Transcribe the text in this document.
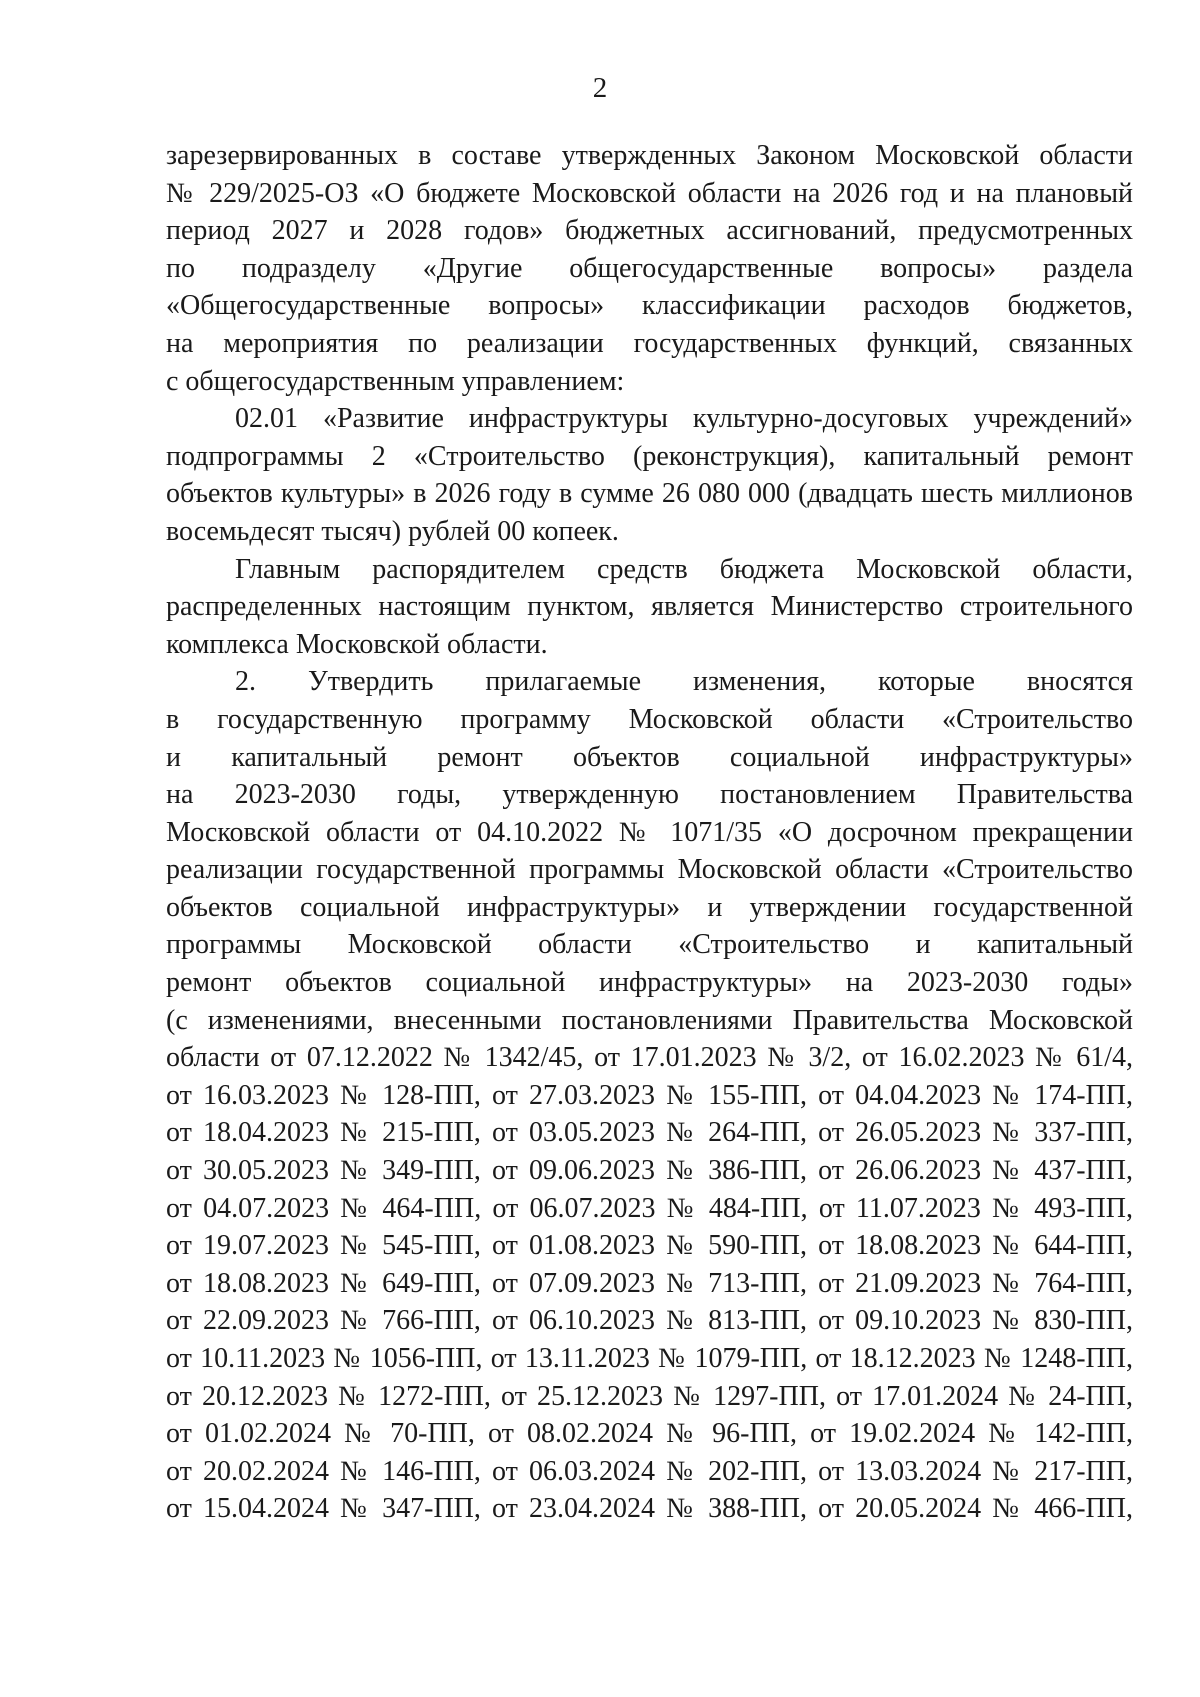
2
зарезервированных в составе утвержденных Законом Московской области
№ 229/2025-ОЗ «О бюджете Московской области на 2026 год и на плановый
период 2027 и 2028 годов» бюджетных ассигнований, предусмотренных
по подразделу «Другие общегосударственные вопросы» раздела
«Общегосударственные вопросы» классификации расходов бюджетов,
на мероприятия по реализации государственных функций, связанных
с общегосударственным управлением:
02.01 «Развитие инфраструктуры культурно-досуговых учреждений»
подпрограммы 2 «Строительство (реконструкция), капитальный ремонт
объектов культуры» в 2026 году в сумме 26 080 000 (двадцать шесть миллионов
восемьдесят тысяч) рублей 00 копеек.
Главным распорядителем средств бюджета Московской области,
распределенных настоящим пунктом, является Министерство строительного
комплекса Московской области.
2. Утвердить прилагаемые изменения, которые вносятся
в государственную программу Московской области «Строительство
и капитальный ремонт объектов социальной инфраструктуры»
на 2023-2030 годы, утвержденную постановлением Правительства
Московской области от 04.10.2022 № 1071/35 «О досрочном прекращении
реализации государственной программы Московской области «Строительство
объектов социальной инфраструктуры» и утверждении государственной
программы Московской области «Строительство и капитальный
ремонт объектов социальной инфраструктуры» на 2023-2030 годы»
(с изменениями, внесенными постановлениями Правительства Московской
области от 07.12.2022 № 1342/45, от 17.01.2023 № 3/2, от 16.02.2023 № 61/4,
от 16.03.2023 № 128-ПП, от 27.03.2023 № 155-ПП, от 04.04.2023 № 174-ПП,
от 18.04.2023 № 215-ПП, от 03.05.2023 № 264-ПП, от 26.05.2023 № 337-ПП,
от 30.05.2023 № 349-ПП, от 09.06.2023 № 386-ПП, от 26.06.2023 № 437-ПП,
от 04.07.2023 № 464-ПП, от 06.07.2023 № 484-ПП, от 11.07.2023 № 493-ПП,
от 19.07.2023 № 545-ПП, от 01.08.2023 № 590-ПП, от 18.08.2023 № 644-ПП,
от 18.08.2023 № 649-ПП, от 07.09.2023 № 713-ПП, от 21.09.2023 № 764-ПП,
от 22.09.2023 № 766-ПП, от 06.10.2023 № 813-ПП, от 09.10.2023 № 830-ПП,
от 10.11.2023 № 1056-ПП, от 13.11.2023 № 1079-ПП, от 18.12.2023 № 1248-ПП,
от 20.12.2023 № 1272-ПП, от 25.12.2023 № 1297-ПП, от 17.01.2024 № 24-ПП,
от 01.02.2024 № 70-ПП, от 08.02.2024 № 96-ПП, от 19.02.2024 № 142-ПП,
от 20.02.2024 № 146-ПП, от 06.03.2024 № 202-ПП, от 13.03.2024 № 217-ПП,
от 15.04.2024 № 347-ПП, от 23.04.2024 № 388-ПП, от 20.05.2024 № 466-ПП,
